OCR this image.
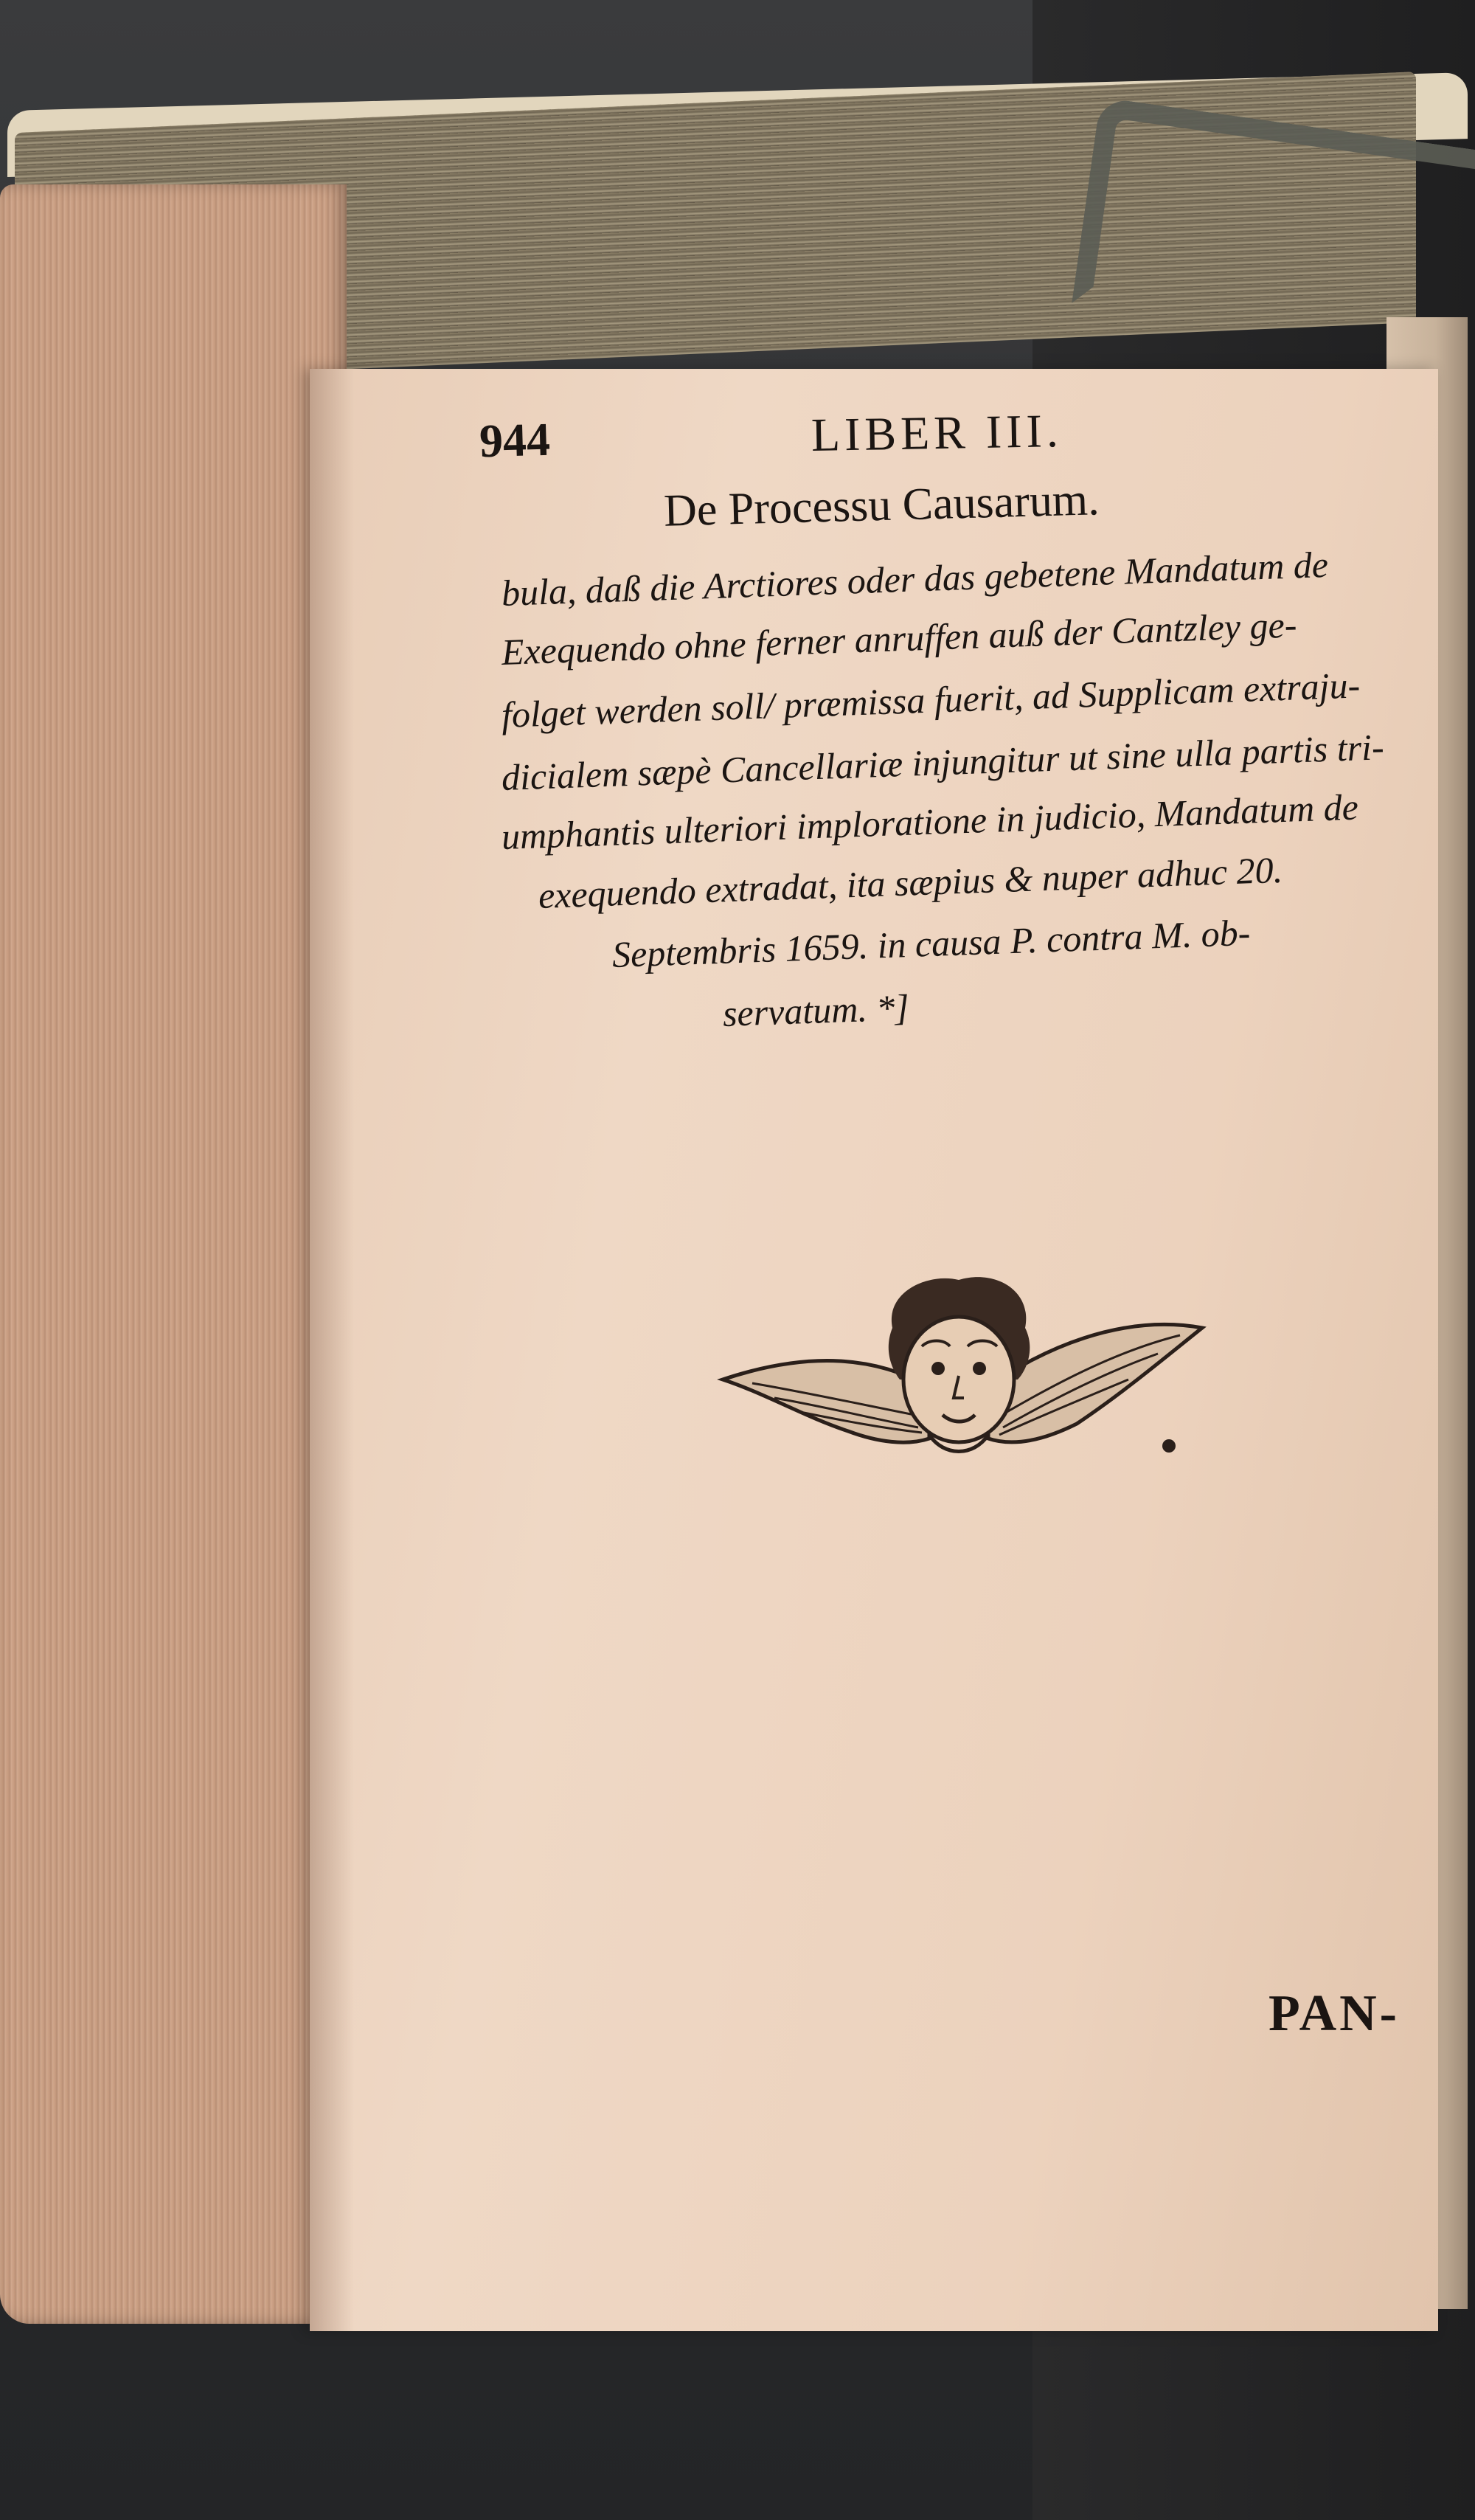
944	LIBER III.
De Processu Causarum.
bula, daß die Arctiores oder das gebetene Mandatum de
Exequendo ohne ferner anruffen auß der Cantzley ge-
folget werden soll/ præmissa fuerit, ad Supplicam extraju-
dicialem sæpè Cancellariæ injungitur ut sine ulla partis tri-
umphantis ulteriori imploratione in judicio, Mandatum de
exequendo extradat, ita sæpius & nuper adhuc 20.
Septembris 1659. in causa P. contra M. ob-
servatum. *]
PAN-
